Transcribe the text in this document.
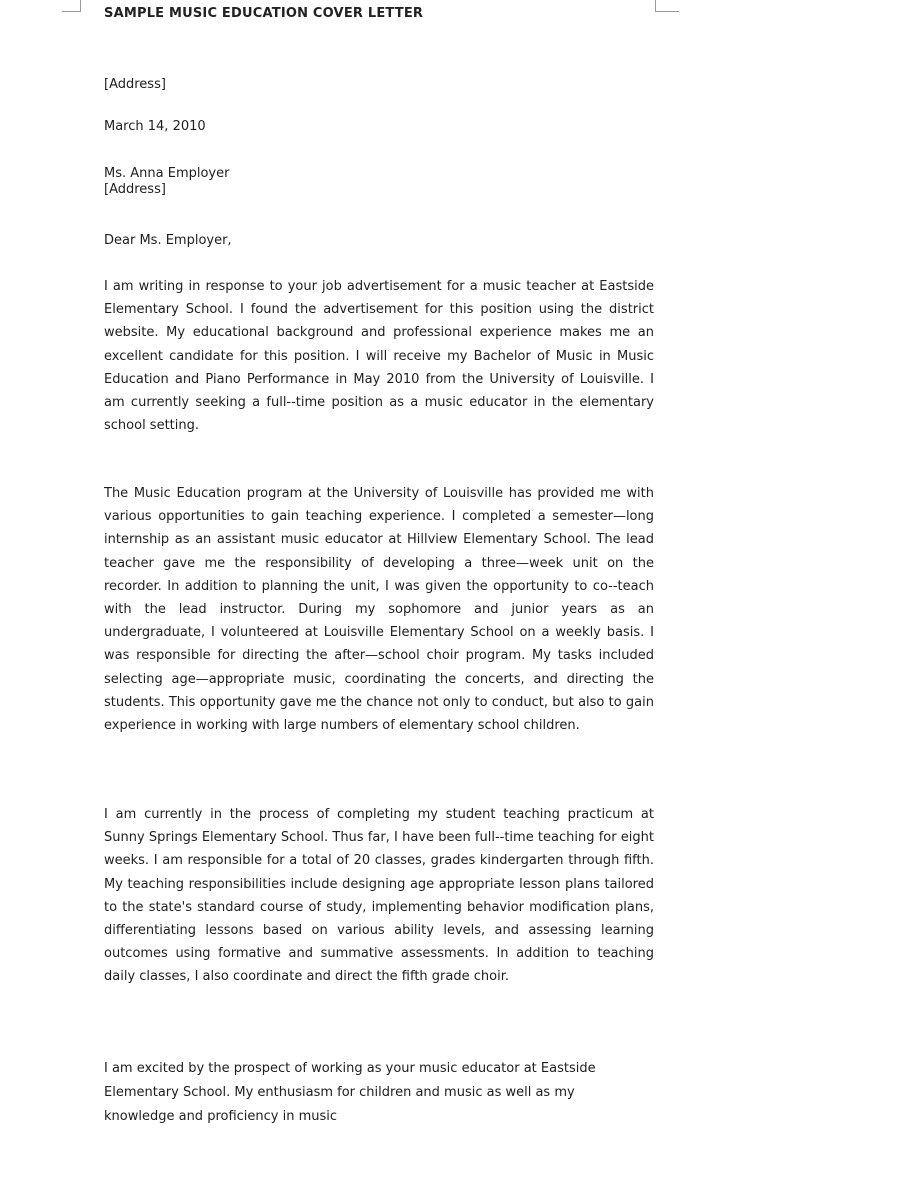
SAMPLE MUSIC EDUCATION COVER LETTER
[Address]
March 14, 2010
Ms. Anna Employer
[Address]
Dear Ms. Employer,

I am writing in response to your job advertisement for a music teacher at Eastside Elementary School. I found the advertisement for this position using the district website. My educational background and professional experience makes me an excellent candidate for this position. I will receive my Bachelor of Music in Music Education and Piano Performance in May 2010 from the University of Louisville. I am currently seeking a full-‑time position as a music educator in the elementary school setting.

The Music Education program at the University of Louisville has provided me with various opportunities to gain teaching experience. I completed a semester—long internship as an assistant music educator at Hillview Elementary School. The lead teacher gave me the responsibility of developing a three—week unit on the recorder. In addition to planning the unit, I was given the opportunity to co-‑teach with the lead instructor. During my sophomore and junior years as an undergraduate, I volunteered at Louisville Elementary School on a weekly basis. I was responsible for directing the after—school choir program. My tasks included selecting age—appropriate music, coordinating the concerts, and directing the students. This opportunity gave me the chance not only to conduct, but also to gain experience in working with large numbers of elementary school children.

I am currently in the process of completing my student teaching practicum at Sunny Springs Elementary School. Thus far, I have been full-‑time teaching for eight weeks. I am responsible for a total of 20 classes, grades kindergarten through fifth. My teaching responsibilities include designing age appropriate lesson plans tailored to the state's standard course of study, implementing behavior modification plans, differentiating lessons based on various ability levels, and assessing learning outcomes using formative and summative assessments. In addition to teaching daily classes, I also coordinate and direct the fifth grade choir.

I am excited by the prospect of working as your music educator at Eastside Elementary School. My enthusiasm for children and music as well as my knowledge and proficiency in music
